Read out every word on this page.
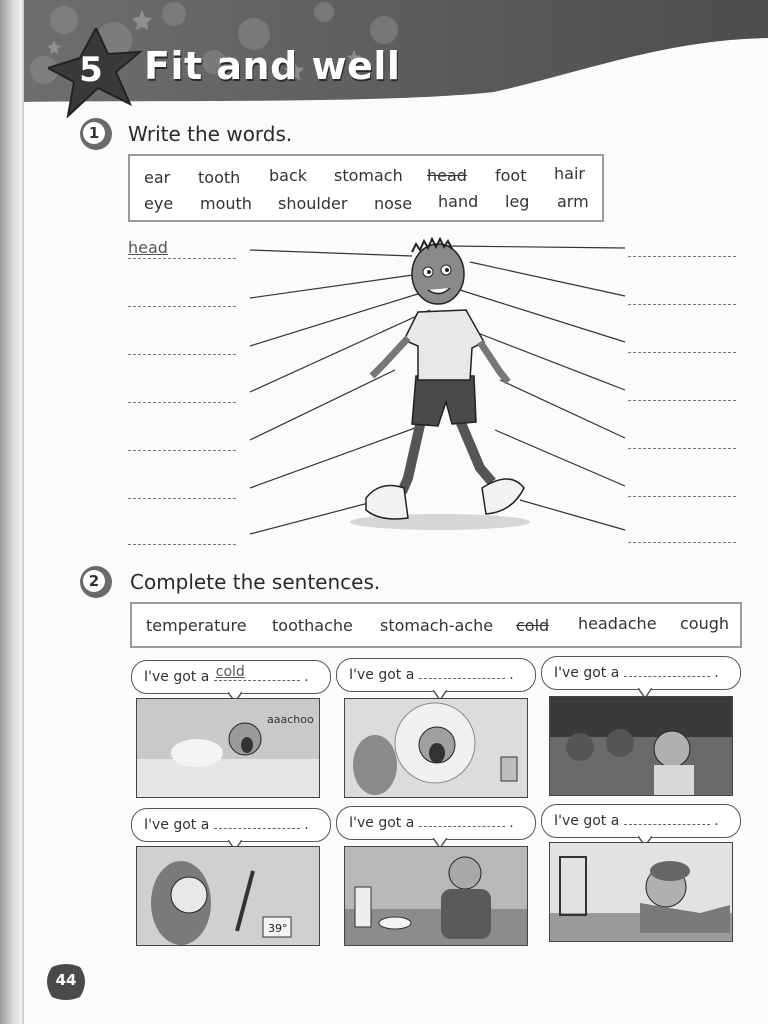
5 Fit and well
1	Write the words.
ear tooth back stomach head foot hair
eye mouth shoulder nose hand leg arm
head
2	Complete the sentences.
temperature toothache stomach-ache cold headache cough
I've got a cold	.	I've got a	.	I've got a	.
aaachoo
I've got a	.	I've got a	.	I've got a	.
39°
44
